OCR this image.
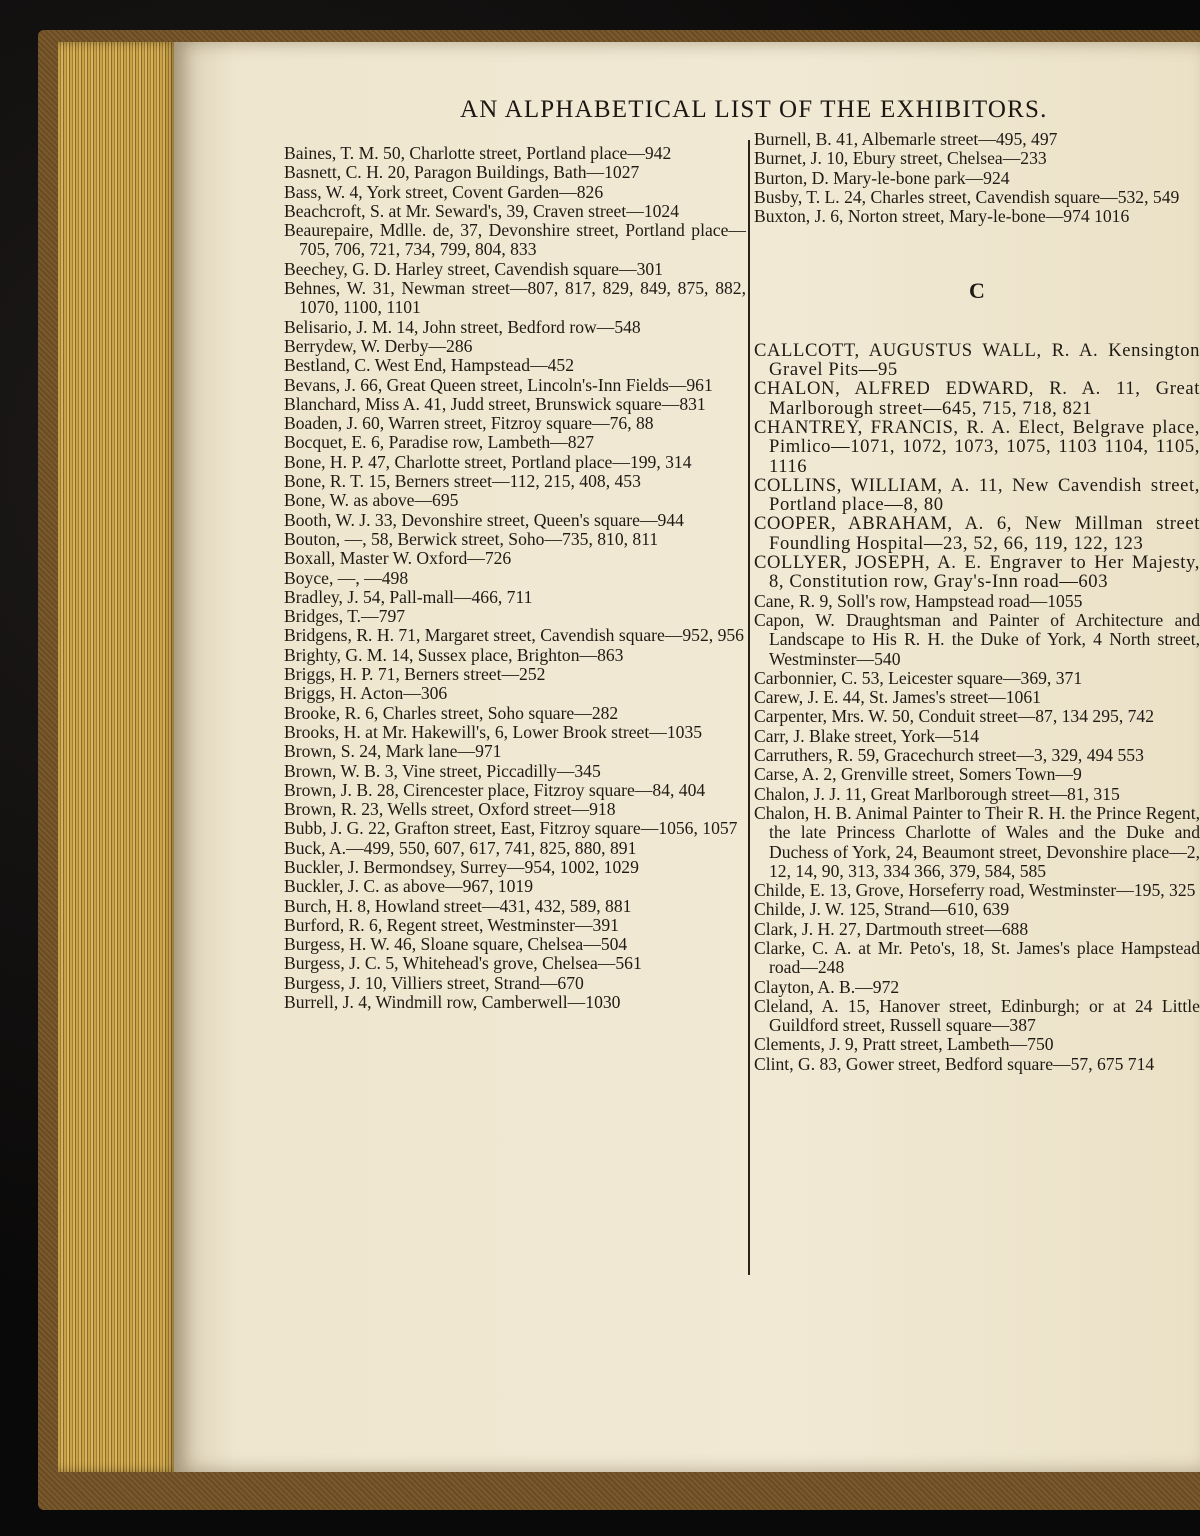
AN ALPHABETICAL LIST OF THE EXHIBITORS.
Baines, T. M. 50, Charlotte street, Portland place—942
Basnett, C. H. 20, Paragon Buildings, Bath—1027
Bass, W. 4, York street, Covent Garden—826
Beachcroft, S. at Mr. Seward's, 39, Craven street—1024
Beaurepaire, Mdlle. de, 37, Devonshire street, Portland place—705, 706, 721, 734, 799, 804, 833
Beechey, G. D. Harley street, Cavendish square—301
Behnes, W. 31, Newman street—807, 817, 829, 849, 875, 882, 1070, 1100, 1101
Belisario, J. M. 14, John street, Bedford row—548
Berrydew, W. Derby—286
Bestland, C. West End, Hampstead—452
Bevans, J. 66, Great Queen street, Lincoln's-Inn Fields—961
Blanchard, Miss A. 41, Judd street, Brunswick square—831
Boaden, J. 60, Warren street, Fitzroy square—76, 88
Bocquet, E. 6, Paradise row, Lambeth—827
Bone, H. P. 47, Charlotte street, Portland place—199, 314
Bone, R. T. 15, Berners street—112, 215, 408, 453
Bone, W. as above—695
Booth, W. J. 33, Devonshire street, Queen's square—944
Bouton, —, 58, Berwick street, Soho—735, 810, 811
Boxall, Master W. Oxford—726
Boyce, —, —498
Bradley, J. 54, Pall-mall—466, 711
Bridges, T.—797
Bridgens, R. H. 71, Margaret street, Cavendish square—952, 956
Brighty, G. M. 14, Sussex place, Brighton—863
Briggs, H. P. 71, Berners street—252
Briggs, H. Acton—306
Brooke, R. 6, Charles street, Soho square—282
Brooks, H. at Mr. Hakewill's, 6, Lower Brook street—1035
Brown, S. 24, Mark lane—971
Brown, W. B. 3, Vine street, Piccadilly—345
Brown, J. B. 28, Cirencester place, Fitzroy square—84, 404
Brown, R. 23, Wells street, Oxford street—918
Bubb, J. G. 22, Grafton street, East, Fitzroy square—1056, 1057
Buck, A.—499, 550, 607, 617, 741, 825, 880, 891
Buckler, J. Bermondsey, Surrey—954, 1002, 1029
Buckler, J. C. as above—967, 1019
Burch, H. 8, Howland street—431, 432, 589, 881
Burford, R. 6, Regent street, Westminster—391
Burgess, H. W. 46, Sloane square, Chelsea—504
Burgess, J. C. 5, Whitehead's grove, Chelsea—561
Burgess, J. 10, Villiers street, Strand—670
Burrell, J. 4, Windmill row, Camberwell—1030
Burnell, B. 41, Albemarle street—495, 497
Burnet, J. 10, Ebury street, Chelsea—233
Burton, D. Mary-le-bone park—924
Busby, T. L. 24, Charles street, Cavendish square—532, 549
Buxton, J. 6, Norton street, Mary-le-bone—974 1016
C
CALLCOTT, AUGUSTUS WALL, R. A. Kensington Gravel Pits—95
CHALON, ALFRED EDWARD, R. A. 11, Great Marlborough street—645, 715, 718, 821
CHANTREY, FRANCIS, R. A. Elect, Belgrave place, Pimlico—1071, 1072, 1073, 1075, 1103 1104, 1105, 1116
COLLINS, WILLIAM, A. 11, New Cavendish street, Portland place—8, 80
COOPER, ABRAHAM, A. 6, New Millman street Foundling Hospital—23, 52, 66, 119, 122, 123
COLLYER, JOSEPH, A. E. Engraver to Her Majesty, 8, Constitution row, Gray's-Inn road—603
Cane, R. 9, Soll's row, Hampstead road—1055
Capon, W. Draughtsman and Painter of Architecture and Landscape to His R. H. the Duke of York, 4 North street, Westminster—540
Carbonnier, C. 53, Leicester square—369, 371
Carew, J. E. 44, St. James's street—1061
Carpenter, Mrs. W. 50, Conduit street—87, 134 295, 742
Carr, J. Blake street, York—514
Carruthers, R. 59, Gracechurch street—3, 329, 494 553
Carse, A. 2, Grenville street, Somers Town—9
Chalon, J. J. 11, Great Marlborough street—81, 315
Chalon, H. B. Animal Painter to Their R. H. the Prince Regent, the late Princess Charlotte of Wales and the Duke and Duchess of York, 24, Beaumont street, Devonshire place—2, 12, 14, 90, 313, 334 366, 379, 584, 585
Childe, E. 13, Grove, Horseferry road, Westminster—195, 325
Childe, J. W. 125, Strand—610, 639
Clark, J. H. 27, Dartmouth street—688
Clarke, C. A. at Mr. Peto's, 18, St. James's place Hampstead road—248
Clayton, A. B.—972
Cleland, A. 15, Hanover street, Edinburgh; or at 24 Little Guildford street, Russell square—387
Clements, J. 9, Pratt street, Lambeth—750
Clint, G. 83, Gower street, Bedford square—57, 675 714
